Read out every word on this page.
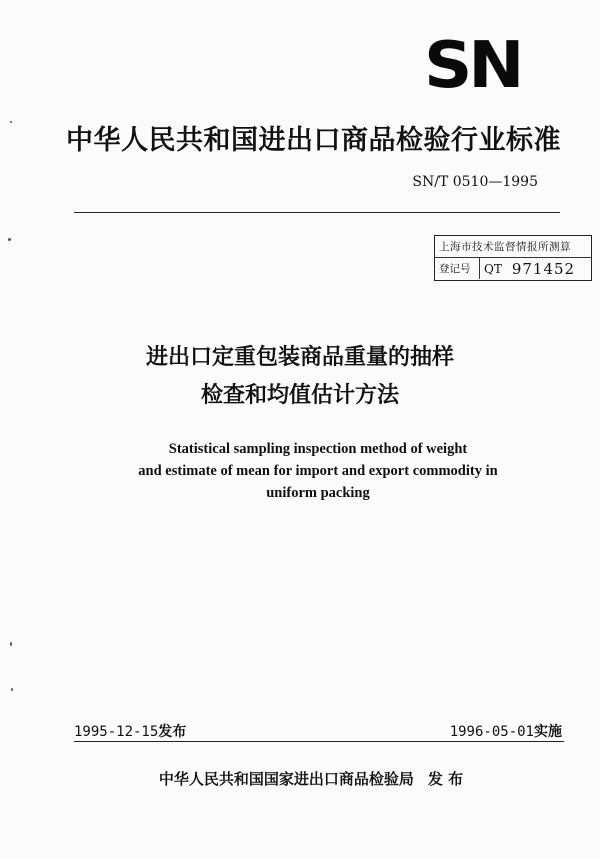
SN
中华人民共和国进出口商品检验行业标准
SN/T 0510—1995
上海市技术监督情报所测算
登记号	QT 971452
进出口定重包装商品重量的抽样
检查和均值估计方法
Statistical sampling inspection method of weight
and estimate of mean for import and export commodity in
uniform packing
1995-12-15发布	1996-05-01实施
中华人民共和国国家进出口商品检验局 发 布
